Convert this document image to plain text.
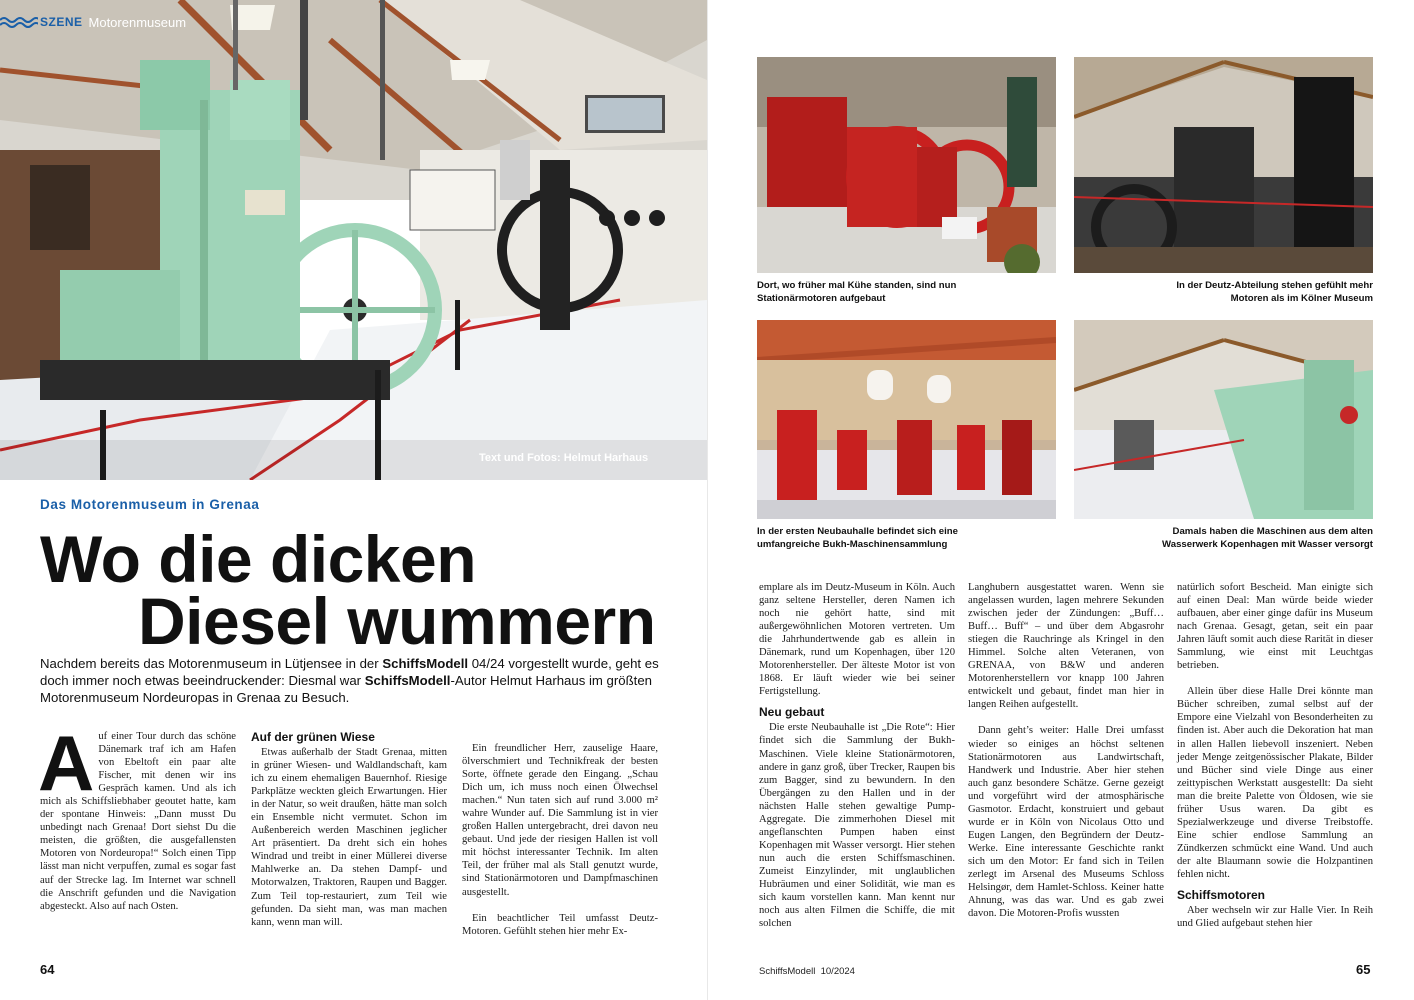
SZENE Motorenmuseum
Text und Fotos: Helmut Harhaus
Das Motorenmuseum in Grenaa
Wo die dicken
Diesel wummern
Nachdem bereits das Motorenmuseum in Lütjensee in der SchiffsModell 04/24 vorgestellt wurde, geht es doch immer noch etwas beeindruckender: Diesmal war SchiffsModell-Autor Helmut Harhaus im größten Motorenmuseum Nordeuropas in Grenaa zu Besuch.

Auf einer Tour durch das schöne Dänemark traf ich am Hafen von Ebeltoft ein paar alte Fischer, mit denen wir ins Gespräch kamen. Und als ich mich als Schiffsliebhaber geoutet hatte, kam der spontane Hinweis: „Dann musst Du unbedingt nach Grenaa! Dort siehst Du die meisten, die größten, die ausgefallensten Motoren von Nordeuropa!“ Solch einen Tipp lässt man nicht verpuffen, zumal es sogar fast auf der Strecke lag. Im Internet war schnell die Anschrift gefunden und die Navigation abgesteckt. Also auf nach Osten.

Auf der grünen Wiese

Etwas außerhalb der Stadt Grenaa, mitten in grüner Wiesen- und Waldlandschaft, kam ich zu einem ehemaligen Bauernhof. Riesige Parkplätze weckten gleich Erwartungen. Hier in der Natur, so weit draußen, hätte man solch ein Ensemble nicht vermutet. Schon im Außenbereich werden Maschinen jeglicher Art präsentiert. Da dreht sich ein hohes Windrad und treibt in einer Müllerei diverse Mahlwerke an. Da stehen Dampf- und Motorwalzen, Traktoren, Raupen und Bagger. Zum Teil top-restauriert, zum Teil wie gefunden. Da sieht man, was man machen kann, wenn man will.

Ein freundlicher Herr, zauselige Haare, ölverschmiert und Technikfreak der besten Sorte, öffnete gerade den Eingang. „Schau Dich um, ich muss noch einen Ölwechsel machen.“ Nun taten sich auf rund 3.000 m² wahre Wunder auf. Die Sammlung ist in vier großen Hallen untergebracht, drei davon neu gebaut. Und jede der riesigen Hallen ist voll mit höchst interessanter Technik. Im alten Teil, der früher mal als Stall genutzt wurde, sind Stationärmotoren und Dampfmaschinen ausgestellt.

Ein beachtlicher Teil umfasst Deutz-Motoren. Gefühlt stehen hier mehr Ex-

64
Dort, wo früher mal Kühe standen, sind nun Stationärmotoren aufgebaut
In der Deutz-Abteilung stehen gefühlt mehr Motoren als im Kölner Museum
In der ersten Neubauhalle befindet sich eine umfangreiche Bukh-Maschinensammlung
Damals haben die Maschinen aus dem alten Wasserwerk Kopenhagen mit Wasser versorgt

emplare als im Deutz-Museum in Köln. Auch ganz seltene Hersteller, deren Namen ich noch nie gehört hatte, sind mit außergewöhnlichen Motoren vertreten. Um die Jahrhundertwende gab es allein in Dänemark, rund um Kopenhagen, über 120 Motorenhersteller. Der älteste Motor ist von 1868. Er läuft wieder wie bei seiner Fertigstellung.

Neu gebaut

Die erste Neubauhalle ist „Die Rote“: Hier findet sich die Sammlung der Bukh-Maschinen. Viele kleine Stationärmotoren, andere in ganz groß, über Trecker, Raupen bis zum Bagger, sind zu bewundern. In den Übergängen zu den Hallen und in der nächsten Halle stehen gewaltige Pump-Aggregate. Die zimmerhohen Diesel mit angeflanschten Pumpen haben einst Kopenhagen mit Wasser versorgt. Hier stehen nun auch die ersten Schiffsmaschinen. Zumeist Einzylinder, mit unglaublichen Hubräumen und einer Solidität, wie man es sich kaum vorstellen kann. Man kennt nur noch aus alten Filmen die Schiffe, die mit solchen

Langhubern ausgestattet waren. Wenn sie angelassen wurden, lagen mehrere Sekunden zwischen jeder der Zündungen: „Buff… Buff… Buff“ – und über dem Abgasrohr stiegen die Rauchringe als Kringel in den Himmel. Solche alten Veteranen, von GRENAA, von B&W und anderen Motorenherstellern vor knapp 100 Jahren entwickelt und gebaut, findet man hier in langen Reihen aufgestellt.

Dann geht’s weiter: Halle Drei umfasst wieder so einiges an höchst seltenen Stationärmotoren aus Landwirtschaft, Handwerk und Industrie. Aber hier stehen auch ganz besondere Schätze. Gerne gezeigt und vorgeführt wird der atmosphärische Gasmotor. Erdacht, konstruiert und gebaut wurde er in Köln von Nicolaus Otto und Eugen Langen, den Begründern der Deutz-Werke. Eine interessante Geschichte rankt sich um den Motor: Er fand sich in Teilen zerlegt im Arsenal des Museums Schloss Helsingør, dem Hamlet-Schloss. Keiner hatte Ahnung, was das war. Und es gab zwei davon. Die Motoren-Profis wussten

natürlich sofort Bescheid. Man einigte sich auf einen Deal: Man würde beide wieder aufbauen, aber einer ginge dafür ins Museum nach Grenaa. Gesagt, getan, seit ein paar Jahren läuft somit auch diese Rarität in dieser Sammlung, wie einst mit Leuchtgas betrieben.

Allein über diese Halle Drei könnte man Bücher schreiben, zumal selbst auf der Empore eine Vielzahl von Besonderheiten zu finden ist. Aber auch die Dekoration hat man in allen Hallen liebevoll inszeniert. Neben jeder Menge zeitgenössischer Plakate, Bilder und Bücher sind viele Dinge aus einer zeittypischen Werkstatt ausgestellt: Da sieht man die breite Palette von Öldosen, wie sie früher Usus waren. Da gibt es Spezialwerkzeuge und diverse Treibstoffe. Eine schier endlose Sammlung an Zündkerzen schmückt eine Wand. Und auch der alte Blaumann sowie die Holzpantinen fehlen nicht.

Schiffsmotoren

Aber wechseln wir zur Halle Vier. In Reih und Glied aufgebaut stehen hier

SchiffsModell 10/2024	65
